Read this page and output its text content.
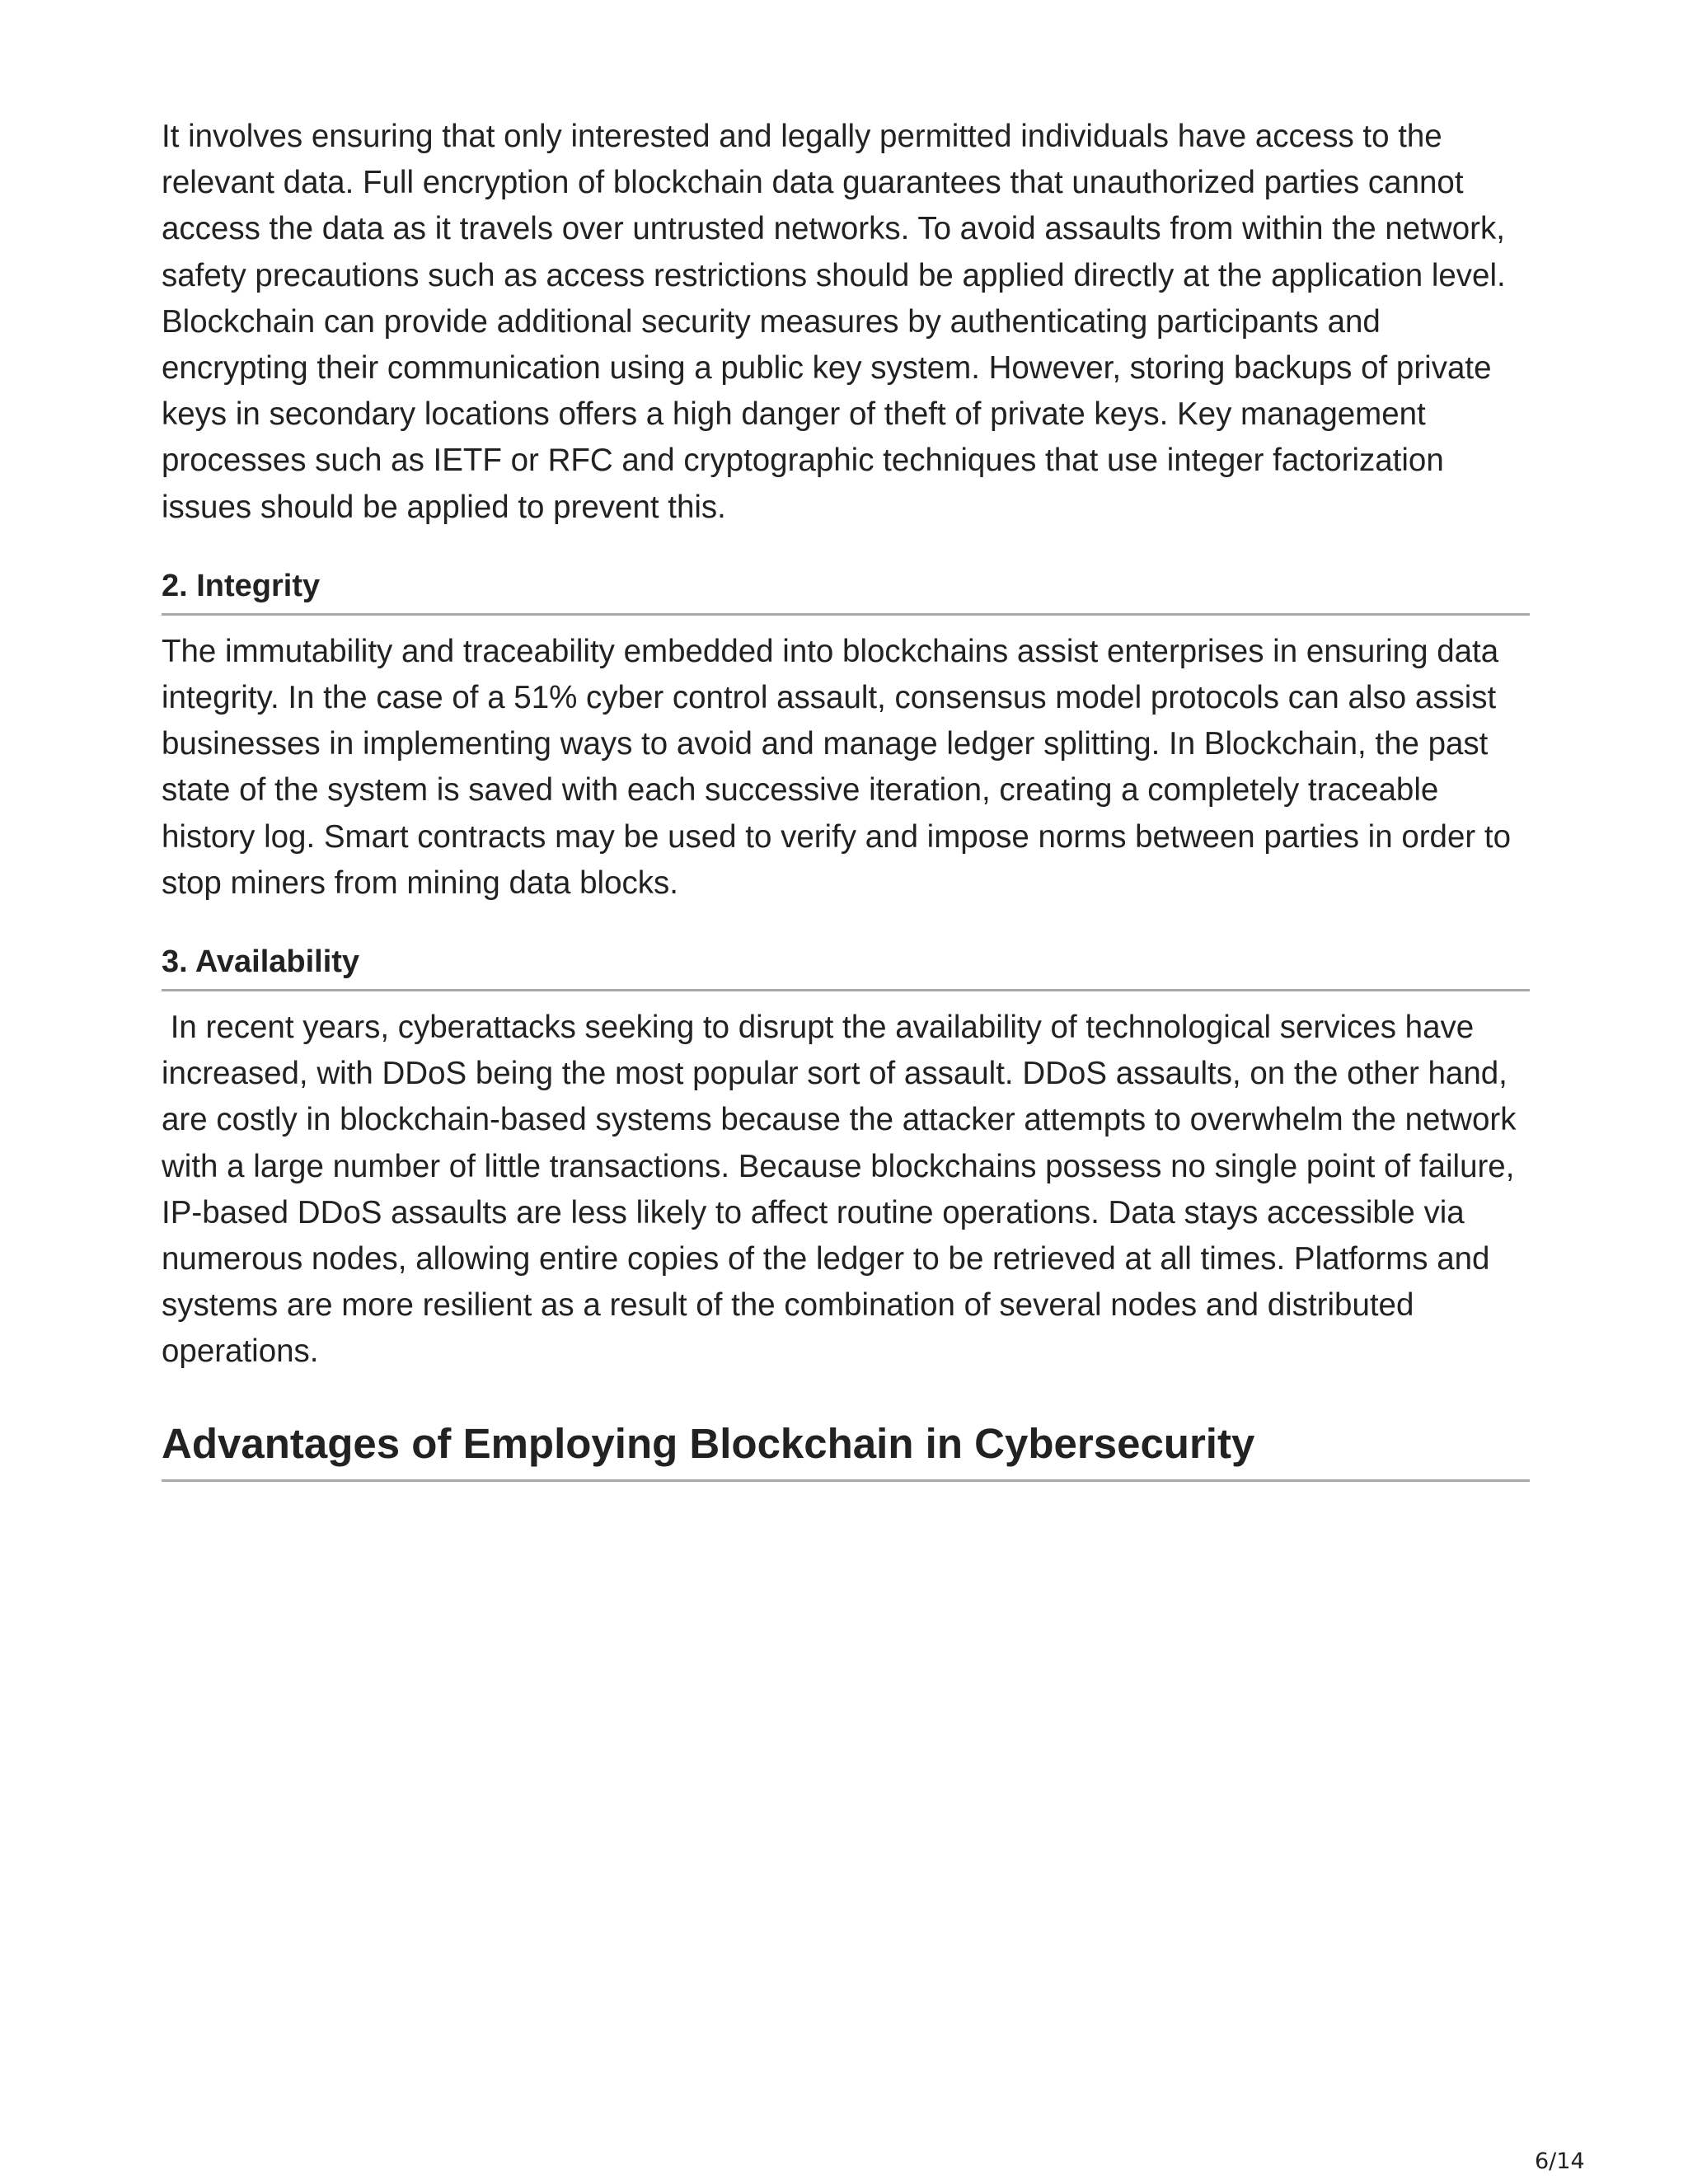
It involves ensuring that only interested and legally permitted individuals have access to the relevant data. Full encryption of blockchain data guarantees that unauthorized parties cannot access the data as it travels over untrusted networks. To avoid assaults from within the network, safety precautions such as access restrictions should be applied directly at the application level. Blockchain can provide additional security measures by authenticating participants and encrypting their communication using a public key system. However, storing backups of private keys in secondary locations offers a high danger of theft of private keys. Key management processes such as IETF or RFC and cryptographic techniques that use integer factorization issues should be applied to prevent this.

2. Integrity

The immutability and traceability embedded into blockchains assist enterprises in ensuring data integrity. In the case of a 51% cyber control assault, consensus model protocols can also assist businesses in implementing ways to avoid and manage ledger splitting. In Blockchain, the past state of the system is saved with each successive iteration, creating a completely traceable history log. Smart contracts may be used to verify and impose norms between parties in order to stop miners from mining data blocks.

3. Availability

In recent years, cyberattacks seeking to disrupt the availability of technological services have increased, with DDoS being the most popular sort of assault. DDoS assaults, on the other hand, are costly in blockchain-based systems because the attacker attempts to overwhelm the network with a large number of little transactions. Because blockchains possess no single point of failure, IP-based DDoS assaults are less likely to affect routine operations. Data stays accessible via numerous nodes, allowing entire copies of the ledger to be retrieved at all times. Platforms and systems are more resilient as a result of the combination of several nodes and distributed operations.

Advantages of Employing Blockchain in Cybersecurity
6/14
